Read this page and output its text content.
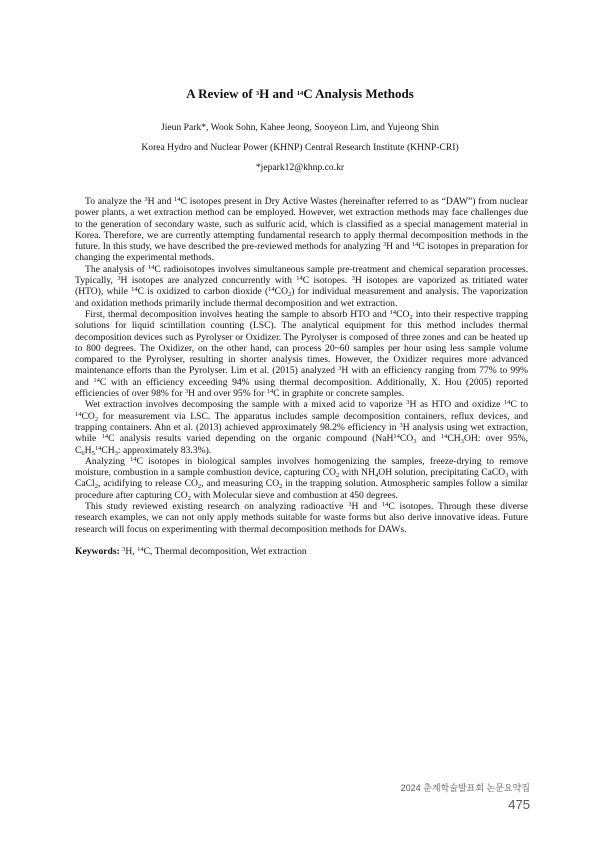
A Review of $^3$H and $^{14}$C Analysis Methods
Jieun Park*, Wook Sohn, Kahee Jeong, Sooyeon Lim, and Yujeong Shin
Korea Hydro and Nuclear Power (KHNP) Central Research Institute (KHNP-CRI)
*jepark12@khnp.co.kr

To analyze the $^3$H and $^{14}$C isotopes present in Dry Active Wastes (hereinafter referred to as “DAW”) from nuclear power plants, a wet extraction method can be employed. However, wet extraction methods may face challenges due to the generation of secondary waste, such as sulfuric acid, which is classified as a special management material in Korea. Therefore, we are currently attempting fundamental research to apply thermal decomposition methods in the future. In this study, we have described the pre-reviewed methods for analyzing $^3$H and $^{14}$C isotopes in preparation for changing the experimental methods.

The analysis of $^{14}$C radioisotopes involves simultaneous sample pre-treatment and chemical separation processes. Typically, $^3$H isotopes are analyzed concurrently with $^{14}$C isotopes. $^3$H isotopes are vaporized as tritiated water (HTO), while $^{14}$C is oxidized to carbon dioxide $(^{14}CO_2)$ for individual measurement and analysis. The vaporization and oxidation methods primarily include thermal decomposition and wet extraction.

First, thermal decomposition involves heating the sample to absorb HTO and $^{14}CO_2$ into their respective trapping solutions for liquid scintillation counting (LSC). The analytical equipment for this method includes thermal decomposition devices such as Pyrolyser or Oxidizer. The Pyrolyser is composed of three zones and can be heated up to 800 degrees. The Oxidizer, on the other hand, can process 20~60 samples per hour using less sample volume compared to the Pyrolyser, resulting in shorter analysis times. However, the Oxidizer requires more advanced maintenance efforts than the Pyrolyser. Lim et al. (2015) analyzed $^3$H with an efficiency ranging from 77% to 99% and $^{14}$C with an efficiency exceeding 94% using thermal decomposition. Additionally, X. Hou (2005) reported efficiencies of over 98% for $^3$H and over 95% for $^{14}$C in graphite or concrete samples.

Wet extraction involves decomposing the sample with a mixed acid to vaporize $^3$H as HTO and oxidize $^{14}$C to $^{14}CO_2$ for measurement via LSC. The apparatus includes sample decomposition containers, reflux devices, and trapping containers. Ahn et al. (2013) achieved approximately 98.2% efficiency in $^3$H analysis using wet extraction, while $^{14}$C analysis results varied depending on the organic compound ($NaH^{14}CO_3$ and $^{14}CH_3OH$: over 95%, $C_6H_5^{14}CH_3$: approximately 83.3%).

Analyzing $^{14}$C isotopes in biological samples involves homogenizing the samples, freeze-drying to remove moisture, combustion in a sample combustion device, capturing $CO_2$ with $NH_4OH$ solution, precipitating CaCO$_3$ with CaCl$_2$, acidifying to release $CO_2$, and measuring $CO_2$ in the trapping solution. Atmospheric samples follow a similar procedure after capturing $CO_2$ with Molecular sieve and combustion at 450 degrees.

This study reviewed existing research on analyzing radioactive $^3$H and $^{14}$C isotopes. Through these diverse research examples, we can not only apply methods suitable for waste forms but also derive innovative ideas. Future research will focus on experimenting with thermal decomposition methods for DAWs.

Keywords: $^3$H, $^{14}$C, Thermal decomposition, Wet extraction

2024 춘계학술발표회 논문요약집 475
